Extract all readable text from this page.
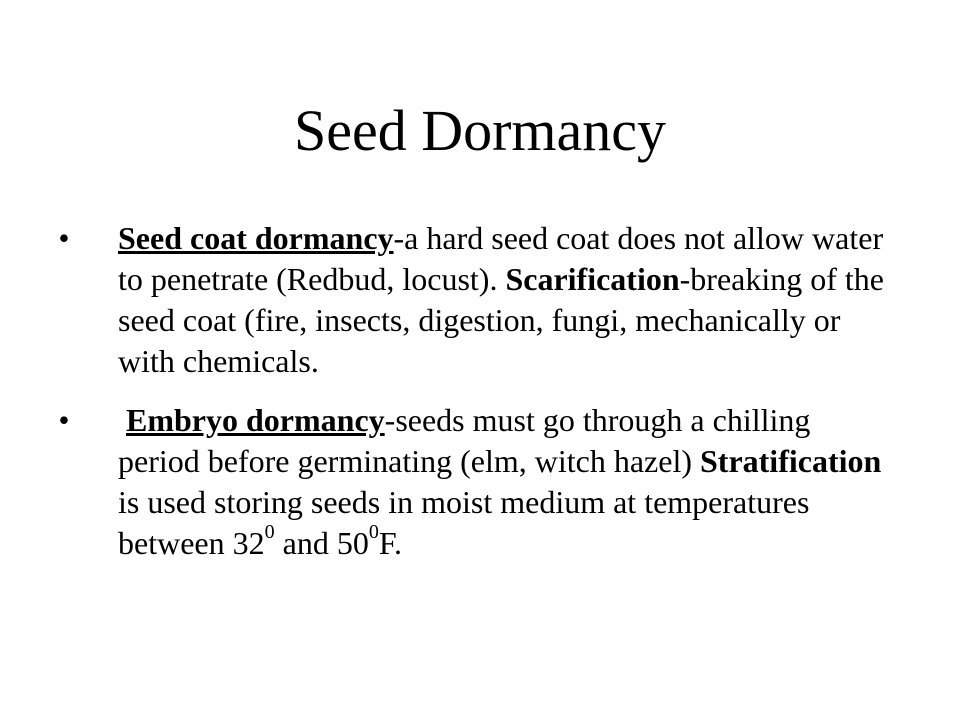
Seed Dormancy
• Seed coat dormancy-a hard seed coat does not allow water to penetrate (Redbud, locust). Scarification-breaking of the seed coat (fire, insects, digestion, fungi, mechanically or with chemicals.
• Embryo dormancy-seeds must go through a chilling period before germinating (elm, witch hazel) Stratification is used storing seeds in moist medium at temperatures between $32^0$ and $50^0F$.
